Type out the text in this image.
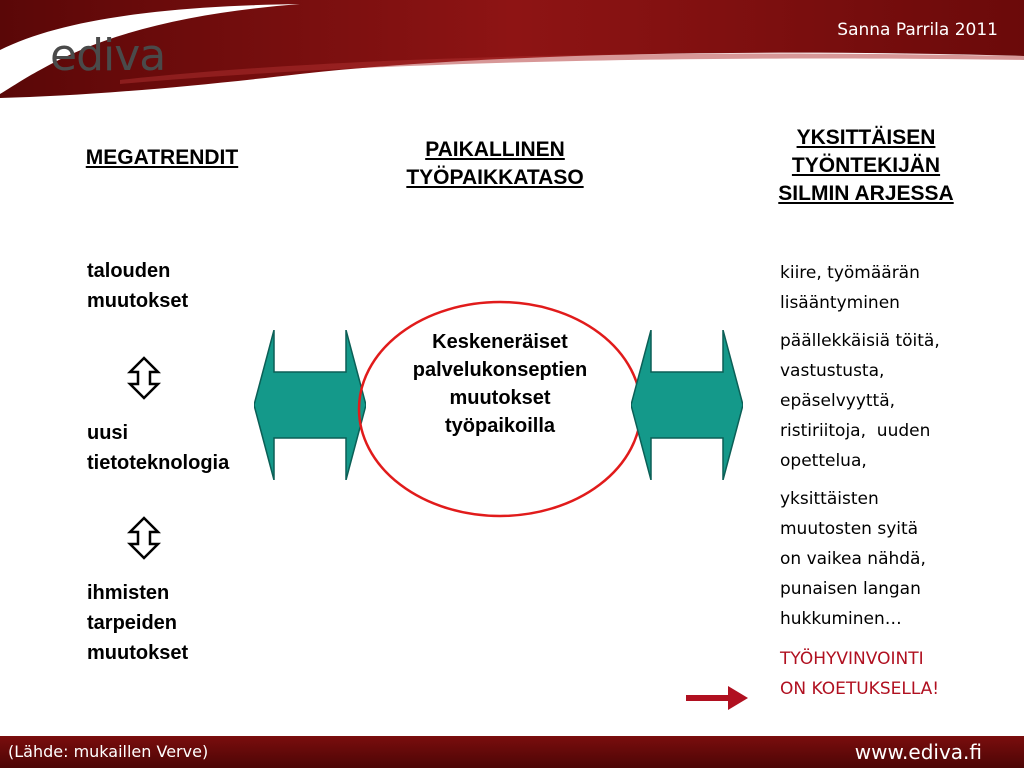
ediva	Sanna Parrila 2011
MEGATRENDIT	PAIKALLINEN
TYÖPAIKKATASO
YKSITTÄISEN
TYÖNTEKIJÄN
SILMIN ARJESSA
talouden
muutokset
uusi
tietoteknologia
ihmisten
tarpeiden
muutokset
Keskeneräiset
palvelukonseptien
muutokset
työpaikoilla

kiire, työmäärän
lisääntyminen

päällekkäisiä töitä,
vastustusta,
epäselvyyttä,
ristiriitoja,  uuden
opettelua,

yksittäisten
muutosten syitä
on vaikea nähdä,
punaisen langan
hukkuminen…

TYÖHYVINVOINTI
ON KOETUKSELLA!

(Lähde: mukaillen Verve)	www.ediva.fi
